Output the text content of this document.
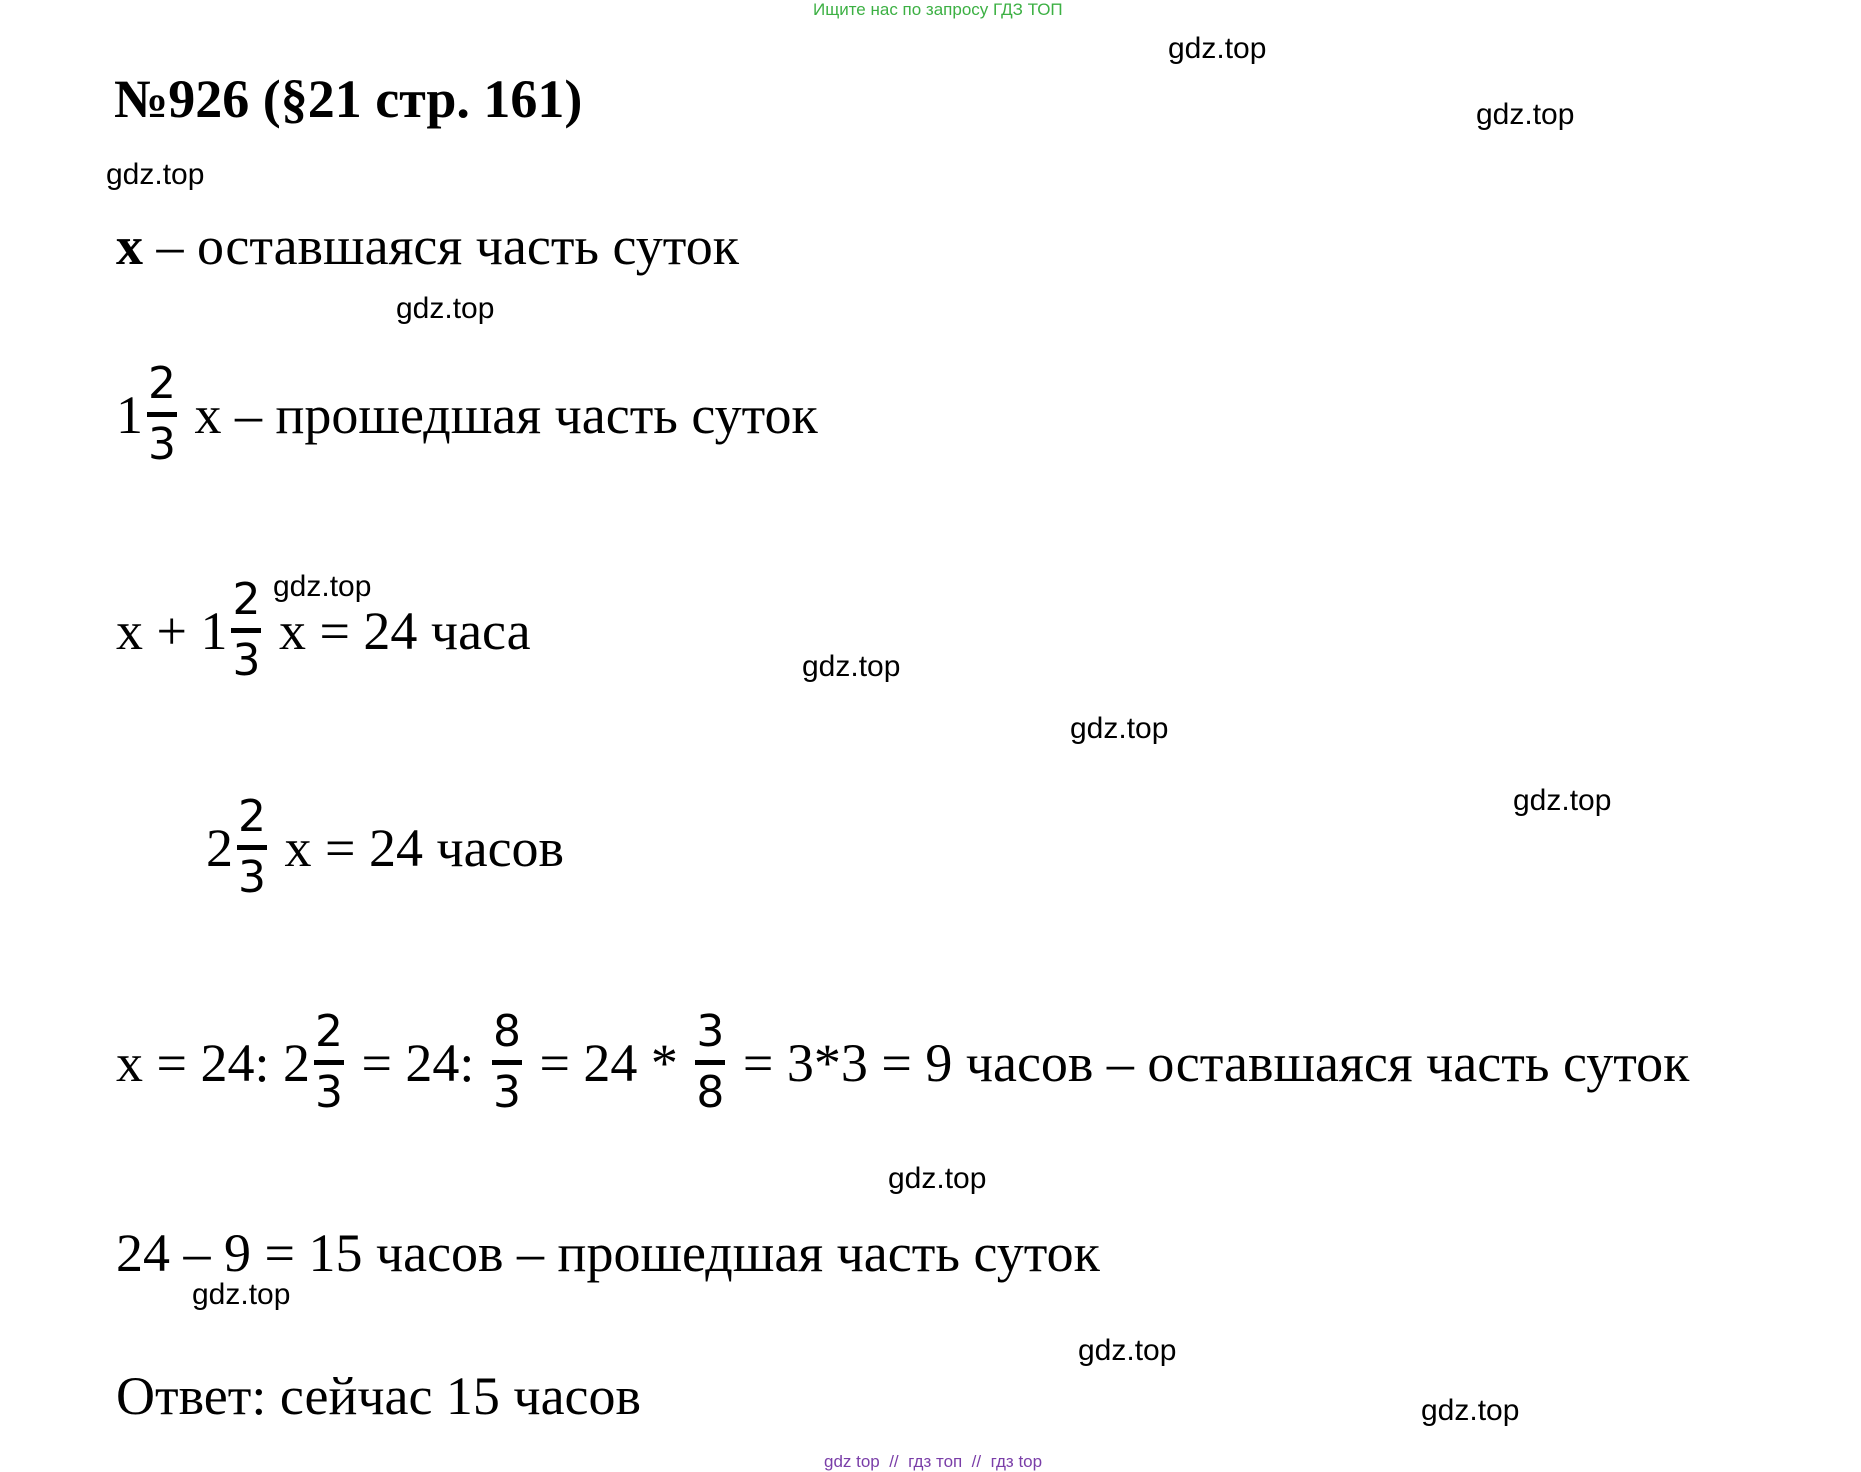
Ищите нас по запросу ГДЗ ТОП
№926 (§21 стр. 161)
gdz.top
gdz.top
gdz.top
gdz.top
gdz.top
gdz.top
gdz.top
gdz.top
gdz.top
gdz.top
gdz.top
gdz.top
x – оставшаяся часть суток
1
2
3 x – прошедшая часть суток
x + 1
2
3 x = 24 часа
2
2
3 x = 24 часов
x = 24: 2
2
3 = 24:
8
3 = 24 *
3
8 = 3*3 = 9 часов – оставшаяся часть суток
24 – 9 = 15 часов – прошедшая часть суток
Ответ: сейчас 15 часов
gdz top  //  гдз топ  //  гдз top
